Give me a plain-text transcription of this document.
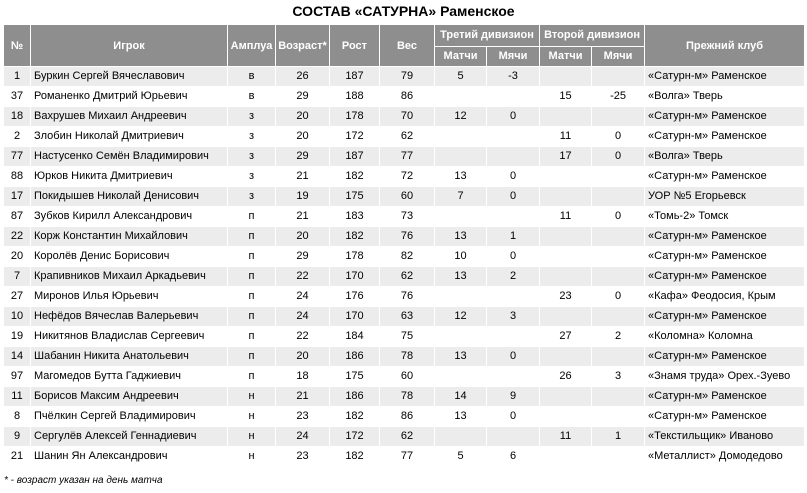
СОСТАВ «САТУРНА» Раменское
№	Игрок	Амплуа	Возраст*	Рост	Вес	Третий дивизион		Второй дивизион		Прежний клуб
						Матчи	Мячи	Матчи	Мячи	
1	Буркин Сергей Вячеславович	в	26	187	79	5	-3			«Сатурн-м» Раменское
37	Романенко Дмитрий Юрьевич	в	29	188	86			15	-25	«Волга» Тверь
18	Вахрушев Михаил Андреевич	з	20	178	70	12	0			«Сатурн-м» Раменское
2	Злобин Николай Дмитриевич	з	20	172	62			11	0	«Сатурн-м» Раменское
77	Настусенко Семён Владимирович	з	29	187	77			17	0	«Волга» Тверь
88	Юрков Никита Дмитриевич	з	21	182	72	13	0			«Сатурн-м» Раменское
17	Покидышев Николай Денисович	з	19	175	60	7	0			УОР №5 Егорьевск
87	Зубков Кирилл Александрович	п	21	183	73			11	0	«Томь-2» Томск
22	Корж Константин Михайлович	п	20	182	76	13	1			«Сатурн-м» Раменское
20	Королёв Денис Борисович	п	29	178	82	10	0			«Сатурн-м» Раменское
7	Крапивников Михаил Аркадьевич	п	22	170	62	13	2			«Сатурн-м» Раменское
27	Миронов Илья Юрьевич	п	24	176	76			23	0	«Кафа» Феодосия, Крым
10	Нефёдов Вячеслав Валерьевич	п	24	170	63	12	3			«Сатурн-м» Раменское
19	Никитянов Владислав Сергеевич	п	22	184	75			27	2	«Коломна» Коломна
14	Шабанин Никита Анатольевич	п	20	186	78	13	0			«Сатурн-м» Раменское
97	Магомедов Бутта Гаджиевич	п	18	175	60			26	3	«Знамя труда» Орех.-Зуево
11	Борисов Максим Андреевич	н	21	186	78	14	9			«Сатурн-м» Раменское
8	Пчёлкин Сергей Владимирович	н	23	182	86	13	0			«Сатурн-м» Раменское
9	Сергулёв Алексей Геннадиевич	н	24	172	62			11	1	«Текстильщик» Иваново
21	Шанин Ян Александрович	н	23	182	77	5	6			«Металлист» Домодедово
* - возраст указан на день матча
